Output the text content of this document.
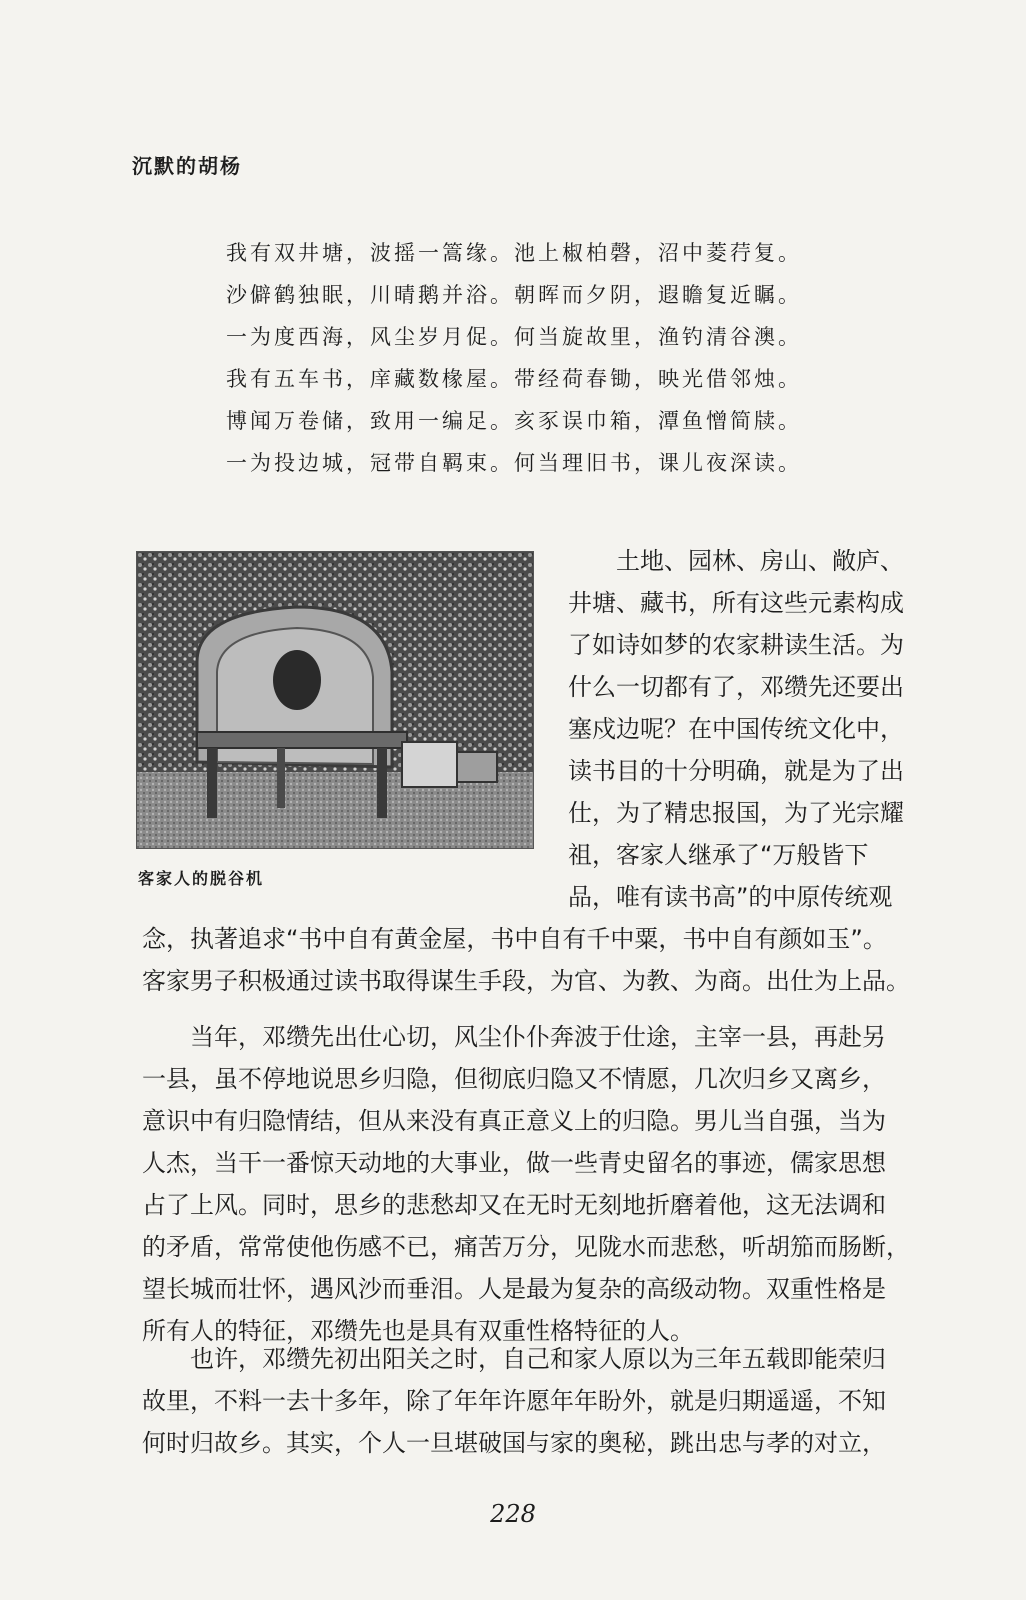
沉默的胡杨
我有双井塘，波摇一篙缘。池上椒柏磬，沼中菱荇复。
沙僻鹤独眠，川晴鹅并浴。朝晖而夕阴，遐瞻复近瞩。
一为度西海，风尘岁月促。何当旋故里，渔钓清谷澳。
我有五车书，庠藏数椽屋。带经荷春锄，映光借邻烛。
博闻万卷储，致用一编足。亥豕误巾箱，潭鱼憎简牍。
一为投边城，冠带自羁束。何当理旧书，课儿夜深读。
客家人的脱谷机
土地、园林、房山、敞庐、
井塘、藏书，所有这些元素构成
了如诗如梦的农家耕读生活。为
什么一切都有了，邓缵先还要出
塞戍边呢？在中国传统文化中，
读书目的十分明确，就是为了出
仕，为了精忠报国，为了光宗耀
祖，客家人继承了“万般皆下
品，唯有读书高”的中原传统观
念，执著追求“书中自有黄金屋，书中自有千中粟，书中自有颜如玉”。
客家男子积极通过读书取得谋生手段，为官、为教、为商。出仕为上品。
当年，邓缵先出仕心切，风尘仆仆奔波于仕途，主宰一县，再赴另
一县，虽不停地说思乡归隐，但彻底归隐又不情愿，几次归乡又离乡，
意识中有归隐情结，但从来没有真正意义上的归隐。男儿当自强，当为
人杰，当干一番惊天动地的大事业，做一些青史留名的事迹，儒家思想
占了上风。同时，思乡的悲愁却又在无时无刻地折磨着他，这无法调和
的矛盾，常常使他伤感不已，痛苦万分，见陇水而悲愁，听胡笳而肠断，
望长城而壮怀，遇风沙而垂泪。人是最为复杂的高级动物。双重性格是
所有人的特征，邓缵先也是具有双重性格特征的人。
也许，邓缵先初出阳关之时，自己和家人原以为三年五载即能荣归
故里，不料一去十多年，除了年年许愿年年盼外，就是归期遥遥，不知
何时归故乡。其实，个人一旦堪破国与家的奥秘，跳出忠与孝的对立，
228
